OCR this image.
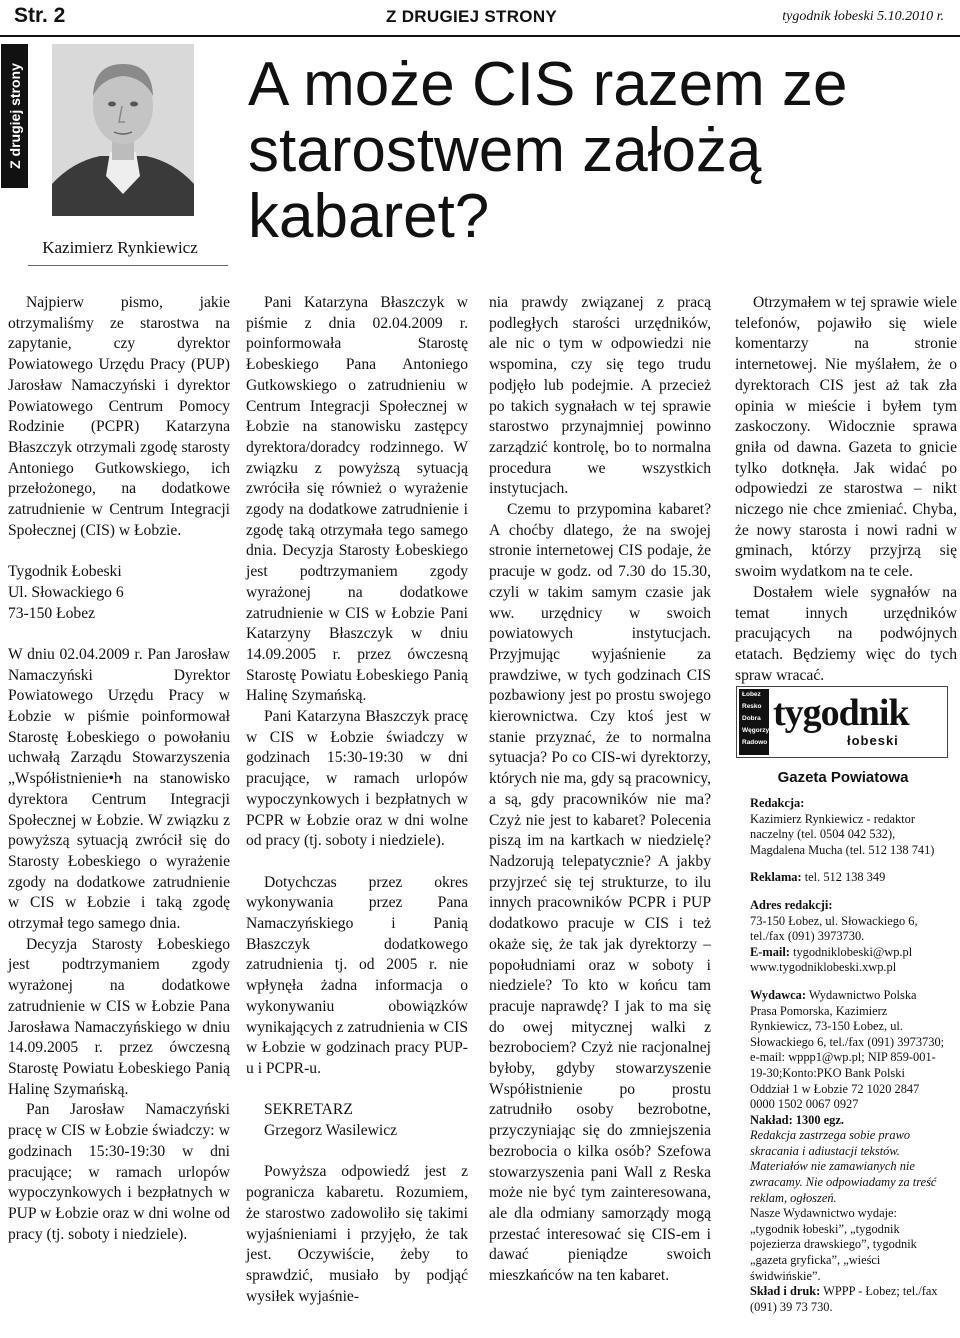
Str. 2	Z DRUGIEJ STRONY	tygodnik łobeski 5.10.2010 r.
Z drugiej strony
Kazimierz Rynkiewicz
A może CIS razem ze starostwem założą kabaret?

Najpierw pismo, jakie otrzymaliśmy ze starostwa na zapytanie, czy dyrektor Powiatowego Urzędu Pracy (PUP) Jarosław Namaczyński i dyrektor Powiatowego Centrum Pomocy Rodzinie (PCPR) Katarzyna Błaszczyk otrzymali zgodę starosty Antoniego Gutkowskiego, ich przełożonego, na dodatkowe zatrudnienie w Centrum Integracji Społecznej (CIS) w Łobzie.

Tygodnik Łobeski

Ul. Słowackiego 6

73-150 Łobez

W dniu 02.04.2009 r. Pan Jarosław Namaczyński Dyrektor Powiatowego Urzędu Pracy w Łobzie w piśmie poinformował Starostę Łobeskiego o powołaniu uchwałą Zarządu Stowarzyszenia „Współistnienie•h na stanowisko dyrektora Centrum Integracji Społecznej w Łobzie. W związku z powyższą sytuacją zwrócił się do Starosty Łobeskiego o wyrażenie zgody na dodatkowe zatrudnienie w CIS w Łobzie i taką zgodę otrzymał tego samego dnia.

Decyzja Starosty Łobeskiego jest podtrzymaniem zgody wyrażonej na dodatkowe zatrudnienie w CIS w Łobzie Pana Jarosława Namaczyńskiego w dniu 14.09.2005 r. przez ówczesną Starostę Powiatu Łobeskiego Panią Halinę Szymańską.

Pan Jarosław Namaczyński pracę w CIS w Łobzie świadczy: w godzinach 15:30-19:30 w dni pracujące; w ramach urlopów wypoczynkowych i bezpłatnych w PUP w Łobzie oraz w dni wolne od pracy (tj. soboty i niedziele).

Pani Katarzyna Błaszczyk w piśmie z dnia 02.04.2009 r. poinformowała Starostę Łobeskiego Pana Antoniego Gutkowskiego o zatrudnieniu w Centrum Integracji Społecznej w Łobzie na stanowisku zastępcy dyrektora/doradcy rodzinnego. W związku z powyższą sytuacją zwróciła się również o wyrażenie zgody na dodatkowe zatrudnienie i zgodę taką otrzymała tego samego dnia. Decyzja Starosty Łobeskiego jest podtrzymaniem zgody wyrażonej na dodatkowe zatrudnienie w CIS w Łobzie Pani Katarzyny Błaszczyk w dniu 14.09.2005 r. przez ówczesną Starostę Powiatu Łobeskiego Panią Halinę Szymańską.

Pani Katarzyna Błaszczyk pracę w CIS w Łobzie świadczy w godzinach 15:30-19:30 w dni pracujące, w ramach urlopów wypoczynkowych i bezpłatnych w PCPR w Łobzie oraz w dni wolne od pracy (tj. soboty i niedziele).

Dotychczas przez okres wykonywania przez Pana Namaczyńskiego i Panią Błaszczyk dodatkowego zatrudnienia tj. od 2005 r. nie wpłynęła żadna informacja o wykonywaniu obowiązków wynikających z zatrudnienia w CIS w Łobzie w godzinach pracy PUP-u i PCPR-u.

SEKRETARZ

Grzegorz Wasilewicz

Powyższa odpowiedź jest z pogranicza kabaretu. Rozumiem, że starostwo zadowoliło się takimi wyjaśnieniami i przyjęło, że tak jest. Oczywiście, żeby to sprawdzić, musiało by podjąć wysiłek wyjaśnie-

nia prawdy związanej z pracą podległych starości urzędników, ale nic o tym w odpowiedzi nie wspomina, czy się tego trudu podjęło lub podejmie. A przecież po takich sygnałach w tej sprawie starostwo przynajmniej powinno zarządzić kontrolę, bo to normalna procedura we wszystkich instytucjach.

Czemu to przypomina kabaret? A choćby dlatego, że na swojej stronie internetowej CIS podaje, że pracuje w godz. od 7.30 do 15.30, czyli w takim samym czasie jak ww. urzędnicy w swoich powiatowych instytucjach. Przyjmując wyjaśnienie za prawdziwe, w tych godzinach CIS pozbawiony jest po prostu swojego kierownictwa. Czy ktoś jest w stanie przyznać, że to normalna sytuacja? Po co CIS-wi dyrektorzy, których nie ma, gdy są pracownicy, a są, gdy pracowników nie ma? Czyż nie jest to kabaret? Polecenia piszą im na kartkach w niedzielę? Nadzorują telepatycznie? A jakby przyjrzeć się tej strukturze, to ilu innych pracowników PCPR i PUP dodatkowo pracuje w CIS i też okaże się, że tak jak dyrektorzy – popołudniami oraz w soboty i niedziele? To kto w końcu tam pracuje naprawdę? I jak to ma się do owej mitycznej walki z bezrobociem? Czyż nie racjonalnej byłoby, gdyby stowarzyszenie Współistnienie po prostu zatrudniło osoby bezrobotne, przyczyniając się do zmniejszenia bezrobocia o kilka osób? Szefowa stowarzyszenia pani Wall z Reska może nie być tym zainteresowana, ale dla odmiany samorządy mogą przestać interesować się CIS-em i dawać pieniądze swoich mieszkańców na ten kabaret.

Otrzymałem w tej sprawie wiele telefonów, pojawiło się wiele komentarzy na stronie internetowej. Nie myślałem, że o dyrektorach CIS jest aż tak zła opinia w mieście i byłem tym zaskoczony. Widocznie sprawa gniła od dawna. Gazeta to gnicie tylko dotknęła. Jak widać po odpowiedzi ze starostwa – nikt niczego nie chce zmieniać. Chyba, że nowy starosta i nowi radni w gminach, którzy przyjrzą się swoim wydatkom na te cele.

Dostałem wiele sygnałów na temat innych urzędników pracujących na podwójnych etatach. Będziemy więc do tych spraw wracać.

Łobez
Resko
Dobra
Węgorzyno
Radowo Małe
tygodnik
łobeski
Gazeta Powiatowa

Redakcja:

Kazimierz Rynkiewicz - redaktor naczelny (tel. 0504 042 532), Magdalena Mucha (tel. 512 138 741)

Reklama: tel. 512 138 349

Adres redakcji:

73-150 Łobez, ul. Słowackiego 6, tel./fax (091) 3973730.

E-mail: tygodniklobeski@wp.pl

www.tygodniklobeski.xwp.pl

Wydawca: Wydawnictwo Polska Prasa Pomorska, Kazimierz Rynkiewicz, 73-150 Łobez, ul. Słowackiego 6, tel./fax (091) 3973730; e-mail: wppp1@wp.pl; NIP 859-001-19-30;Konto:PKO Bank Polski Oddział 1 w Łobzie 72 1020 2847 0000 1502 0067 0927

Nakład: 1300 egz.

Redakcja zastrzega sobie prawo skracania i adiustacji tekstów. Materiałów nie zamawianych nie zwracamy. Nie odpowiadamy za treść reklam, ogłoszeń.

Nasze Wydawnictwo wydaje: „tygodnik łobeski”, „tygodnik pojezierza drawskiego”, tygodnik „gazeta gryficka”, „wieści świdwińskie”.

Skład i druk: WPPP - Łobez; tel./fax (091) 39 73 730.
